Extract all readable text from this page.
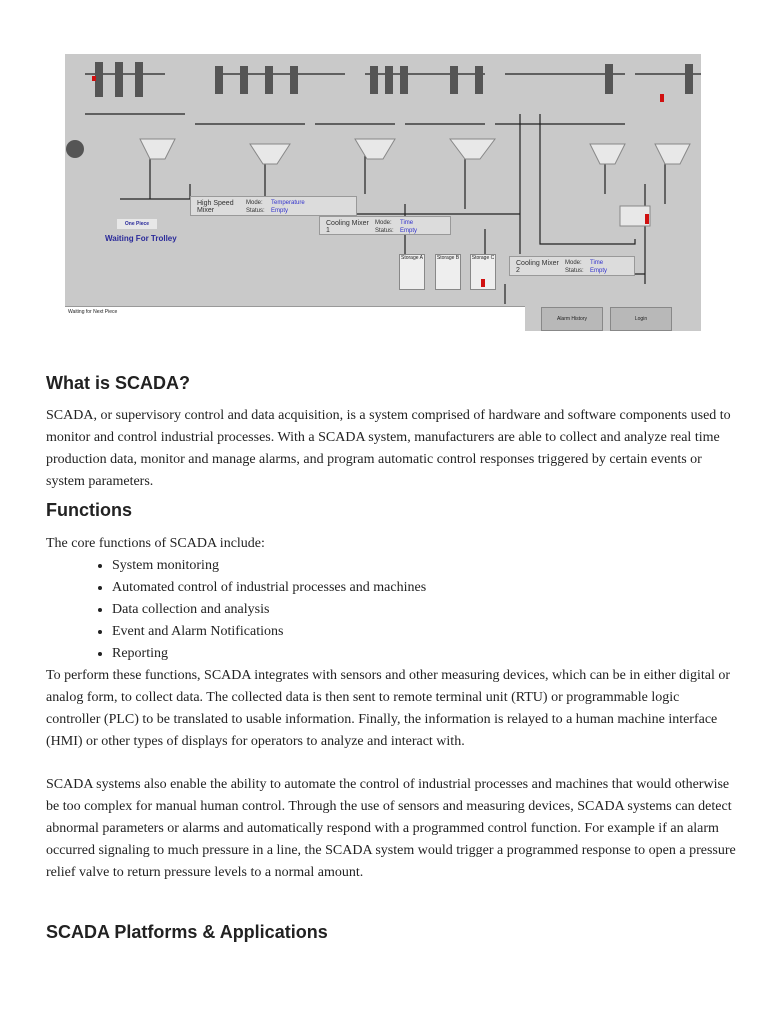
High Speed Mixer
Mode: Temperature
Status: Empty
Cooling Mixer 1
Mode: Time
Status: Empty
Cooling Mixer 2
Mode: Time
Status: Empty
Storage A	Storage B	Storage C
One Piece
Waiting For Trolley
Waiting for Next Piece
Alarm History	Login
What is SCADA?

SCADA, or supervisory control and data acquisition, is a system comprised of hardware and software components used to monitor and control industrial processes. With a SCADA system, manufacturers are able to collect and analyze real time production data, monitor and manage alarms, and program automatic control responses triggered by certain events or system parameters.

Functions

The core functions of SCADA include:

• System monitoring
• Automated control of industrial processes and machines
• Data collection and analysis
• Event and Alarm Notifications
• Reporting

To perform these functions, SCADA integrates with sensors and other measuring devices, which can be in either digital or analog form, to collect data. The collected data is then sent to remote terminal unit (RTU) or programmable logic controller (PLC) to be translated to usable information. Finally, the information is relayed to a human machine interface (HMI) or other types of displays for operators to analyze and interact with.

SCADA systems also enable the ability to automate the control of industrial processes and machines that would otherwise be too complex for manual human control. Through the use of sensors and measuring devices, SCADA systems can detect abnormal parameters or alarms and automatically respond with a programmed control function. For example if an alarm occurred signaling to much pressure in a line, the SCADA system would trigger a programmed response to open a pressure relief valve to return pressure levels to a normal amount.

SCADA Platforms & Applications
